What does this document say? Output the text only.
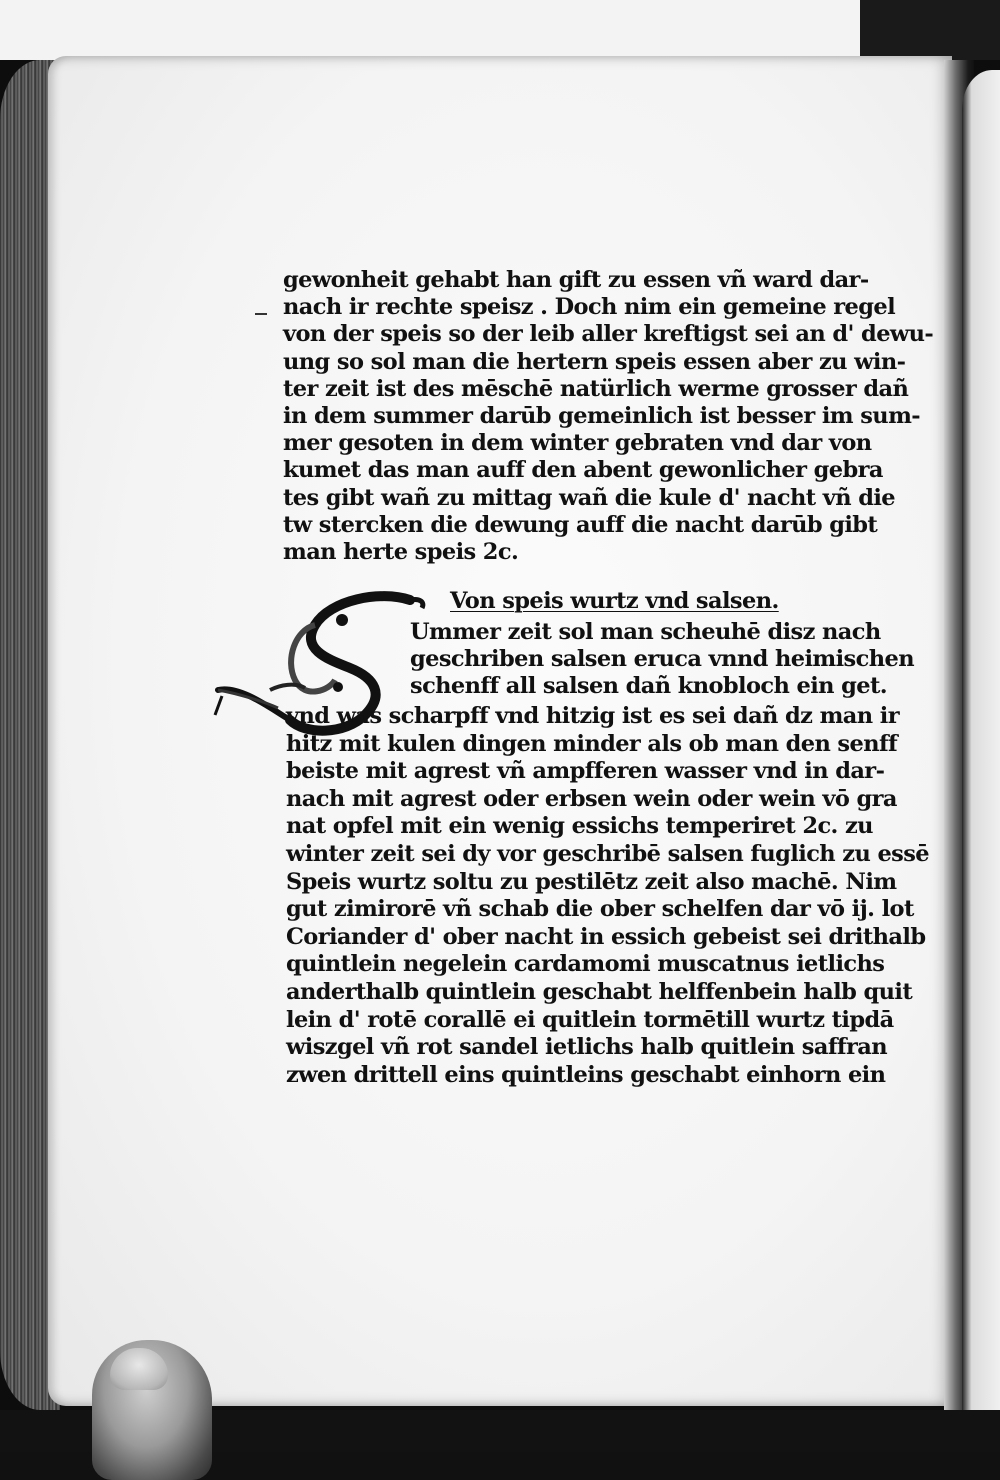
gewonheit gehabt han gift zu essen vñ ward dar-
nach ir rechte speisz . Doch nim ein gemeine regel
von der speis so der leib aller kreftigst sei an d' dewu-
ung so sol man die hertern speis essen aber zu win-
ter zeit ist des mēschē natürlich werme grosser dañ
in dem summer darūb gemeinlich ist besser im sum-
mer gesoten in dem winter gebraten vnd dar von
kumet das man auff den abent gewonlicher gebra
tes gibt wañ zu mittag wañ die kule d' nacht vñ die
tw stercken die dewung auff die nacht darūb gibt
man herte speis 2c.
Von speis wurtz vnd salsen.
Ummer zeit sol man scheuhē disz nach
geschriben salsen eruca vnnd heimischen
schenff all salsen dañ knobloch ein get.
vnd was scharpff vnd hitzig ist es sei dañ dz man ir
hitz mit kulen dingen minder als ob man den senff
beiste mit agrest vñ ampfferen wasser vnd in dar-
nach mit agrest oder erbsen wein oder wein vō gra
nat opfel mit ein wenig essichs temperiret 2c. zu
winter zeit sei dy vor geschribē salsen fuglich zu essē
Speis wurtz soltu zu pestilētz zeit also machē. Nim
gut zimirorē vñ schab die ober schelfen dar vō ij. lot
Coriander d' ober nacht in essich gebeist sei drithalb
quintlein negelein cardamomi muscatnus ietlichs
anderthalb quintlein geschabt helffenbein halb quit
lein d' rotē corallē ei quitlein tormētill wurtz tipdā
wiszgel vñ rot sandel ietlichs halb quitlein saffran
zwen drittell eins quintleins geschabt einhorn ein
